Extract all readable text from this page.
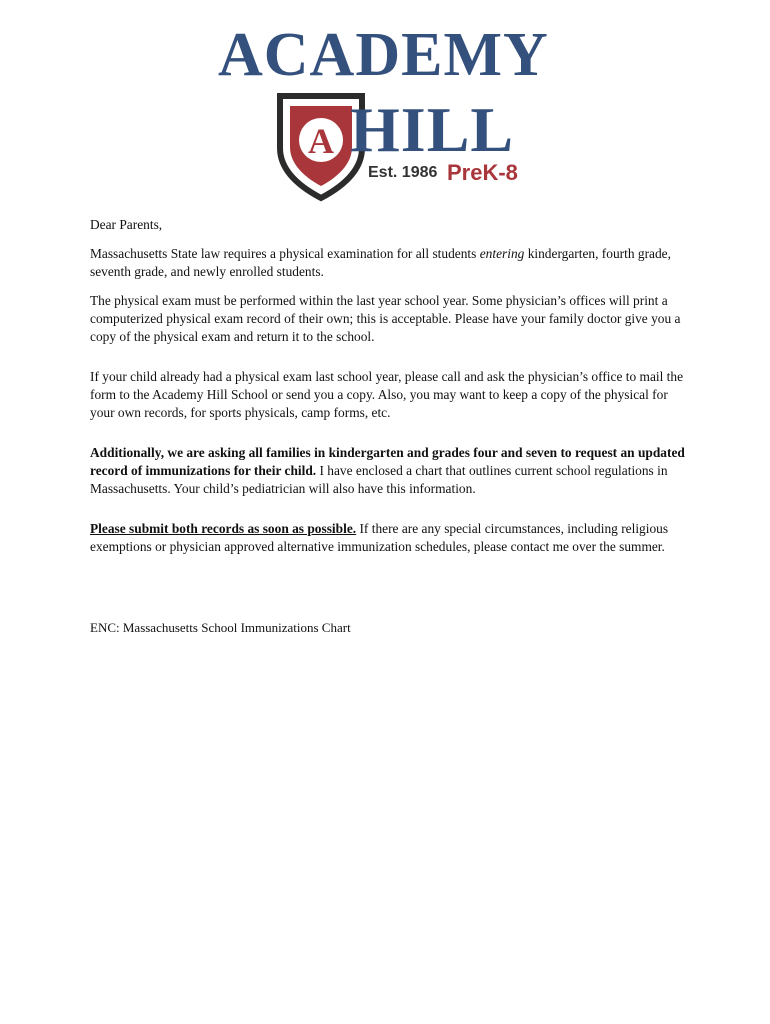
ACADEMY
A HILL
Est. 1986 PreK-8

Dear Parents,

Massachusetts State law requires a physical examination for all students entering kindergarten, fourth grade, seventh grade, and newly enrolled students.

The physical exam must be performed within the last year school year. Some physician’s offices will print a computerized physical exam record of their own; this is acceptable. Please have your family doctor give you a copy of the physical exam and return it to the school.

If your child already had a physical exam last school year, please call and ask the physician’s office to mail the form to the Academy Hill School or send you a copy. Also, you may want to keep a copy of the physical for your own records, for sports physicals, camp forms, etc.

Additionally, we are asking all families in kindergarten and grades four and seven to request an updated record of immunizations for their child. I have enclosed a chart that outlines current school regulations in Massachusetts. Your child’s pediatrician will also have this information.

Please submit both records as soon as possible. If there are any special circumstances, including religious exemptions or physician approved alternative immunization schedules, please contact me over the summer.

ENC: Massachusetts School Immunizations Chart
